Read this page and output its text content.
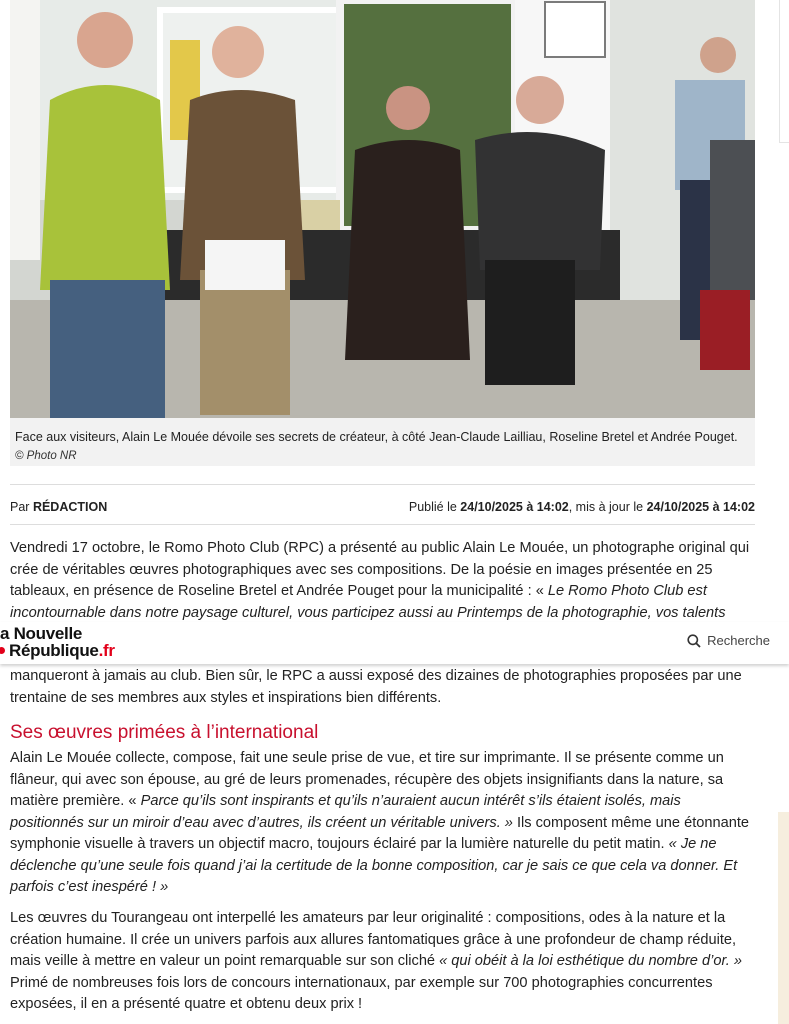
Face aux visiteurs, Alain Le Mouée dévoile ses secrets de créateur, à côté Jean-Claude Lailliau, Roseline Bretel et Andrée Pouget.
© Photo NR
Par RÉDACTION	Publié le 24/10/2025 à 14:02, mis à jour le 24/10/2025 à 14:02

Vendredi 17 octobre, le Romo Photo Club (RPC) a présenté au public Alain Le Mouée, un photographe original qui crée de véritables œuvres photographiques avec ses compositions. De la poésie en images présentée en 25 tableaux, en présence de Roseline Bretel et Andrée Pouget pour la municipalité : « Le Romo Photo Club est incontournable dans notre paysage culturel, vous participez aussi au Printemps de la photographie, vos talents

a Nouvelle
République .fr
Recherche

manqueront à jamais au club. Bien sûr, le RPC a aussi exposé des dizaines de photographies proposées par une trentaine de ses membres aux styles et inspirations bien différents.

Ses œuvres primées à l’international

Alain Le Mouée collecte, compose, fait une seule prise de vue, et tire sur imprimante. Il se présente comme un flâneur, qui avec son épouse, au gré de leurs promenades, récupère des objets insignifiants dans la nature, sa matière première. « Parce qu’ils sont inspirants et qu’ils n’auraient aucun intérêt s’ils étaient isolés, mais positionnés sur un miroir d’eau avec d’autres, ils créent un véritable univers. » Ils composent même une étonnante symphonie visuelle à travers un objectif macro, toujours éclairé par la lumière naturelle du petit matin. « Je ne déclenche qu’une seule fois quand j’ai la certitude de la bonne composition, car je sais ce que cela va donner. Et parfois c’est inespéré ! »

Les œuvres du Tourangeau ont interpellé les amateurs par leur originalité : compositions, odes à la nature et la création humaine. Il crée un univers parfois aux allures fantomatiques grâce à une profondeur de champ réduite, mais veille à mettre en valeur un point remarquable sur son cliché « qui obéit à la loi esthétique du nombre d’or. » Primé de nombreuses fois lors de concours internationaux, par exemple sur 700 photographies concurrentes exposées, il en a présenté quatre et obtenu deux prix !
